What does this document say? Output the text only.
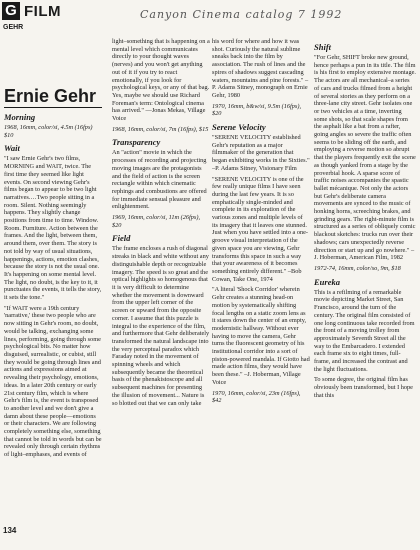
G FILM
GEHR
Canyon Cinema catalog 7 1992
Ernie Gehr
Morning
1968, 16mm, color/si, 4.5m (16fps) $10
Wait
"I saw Ernie Gehr's two films, MORNING and WAIT, twice. The first time they seemed like light events. On second viewing Gehr's films began to appear to be two light narratives.…Two people sitting in a room. Silent. Nothing seemingly happens. They slightly change positions from time to time. Window. Room. Furniture. Action between the frames. And the light, between them, around them, over them. The story is not told by way of usual situations, happenings, actions, emotion clashes, because the story is not the usual one. It's happening on some mental level. The light, no doubt, is the key to it, it punctuates the events, it tells the story, it sets the tone."
"If WAIT were a 19th century 'narrative,' these two people who are now sitting in Gehr's room, no doubt, would be talking, exchanging some lines, performing, going through some psychological bits. No matter how disguised, surrealistic, or cubist, still they would be going through lines and actions and expressions aimed at revealing their psychology, emotions, ideas. In a later 20th century or early 21st century film, which is where Gehr's film is, the event is transposed to another level and we don't give a damn about these people—emotions or their characters. We are following completely something else, something that cannot be told in words but can be revealed only through certain rhythms of light–emphases, and events of
light–something that is happening on a mental level which communicates directly to your thought waves (nerves) and you won't get anything out of it if you try to react emotionally, if you look for psychological keys, or any of that bag. Yes, maybe we should use Richard Foreman's term: Ontological cinema has arrived." —Jonas Mekas, Village Voice
1968, 16mm, color/si, 7m (16fps), $15
Transparency
An "action" movie in which the processes of recording and projecting moving images are the protagonists and the field of action is the screen rectangle within which cinematic rephings and combustions are offered for immediate sensual pleasure and enlightenment.
1969, 16mm, color/si, 11m (26fps), $20
Field
The frame encloses a rush of diagonal streaks in black and white without any distinguishable depth or recognizable imagery. The speed is so great and the optical highlights so homogenous that it is very difficult to determine whether the movement is downward from the upper left corner of the screen or upward from the opposite corner. I assume that this puzzle is integral to the experience of the film, and furthermore that Gehr deliberately transformed the natural landscape into the very perceptual paradox which Faraday noted in the movement of spinning wheels and which subsequently became the theoretical basis of the phenakistoscope and all subsequent machines for presenting the illusion of movement... Nature is so blotted out that we can only take
his word for where and how it was shot. Curiously the natural sublime sneaks back into the film by association. The rush of lines and the spires of shadows suggest cascading waters, mountains and pine forests." –P. Adams Sitney, monograph on Ernie Gehr, 1980
1970, 16mm, b&w/si, 9.5m (16fps), $20
Serene Velocity
"SERENE VELOCITY established Gehr's reputation as a major filmmaker of the generation that began exhibiting works in the Sixties." –P. Adams Sitney, Visionary Film
"SERENE VELOCITY is one of the few really unique films I have seen during the last few years. It is so emphatically single-minded and complete in its exploration of the various zones and multiple levels of its imagery that it leaves one stunned. Just when you have settled into a one-groove visual interpretation of the given space you are viewing, Gehr transforms this space in such a way that your awareness of it becomes something entirely different." –Bob Cowan, Take One, 1974
"A literal 'Shock Corridor' wherein Gehr creates a stunning head-on motion by systematically shifting focal lengths on a static zoom lens as it stares down the center of an empty, modernistic hallway. Without ever having to move the camera, Gehr turns the fluorescent geometry of his institutional corridor into a sort of piston-powered mandala. If Giotto had made action films, they would have been these." –J. Hoberman, Village Voice
1970, 16mm, color/si, 23m (16fps), $42
Shift
"For Gehr, SHIFT broke new ground, hence perhaps a pun in its title. The film is his first to employ extensive montage. The actors are all mechanical–a series of cars and trucks filmed from a height of several stories as they perform on a three-lane city street. Gehr isolates one or two vehicles at a time, inverting some shots, so that scale shapes from the asphalt like a bat from a rafter, going angles so severe the traffic often seems to be sliding off the earth, and employing a reverse motion so abrupt that the players frequently exit the scene as though yanked from a stage by the proverbial hook. A sparse score of traffic noises accompanies the spastic ballet mécanique. Not only the actors but Gehr's deliberate camera movements are synced to the music of honking horns, screeching brakes, and grinding gears. The right-minute film is structured as a series of obliquely comic blackout sketches: trucks run over their shadows; cars unexpectedly reverse direction or start up and go nowhere." –J. Hoberman, American Film, 1982
1972-74, 16mm, color/so, 9m, $18
Eureka
This is a refilming of a remarkable movie depicting Market Street, San Francisco, around the turn of the century. The original film consisted of one long continuous take recorded from the front of a moving trolley from approximately Seventh Street all the way to the Embarcadero. I extended each frame six to eight times, full-frame, and increased the contrast and the light fluctuations.
To some degree, the original film has obviously been transformed, but I hope that this
134
